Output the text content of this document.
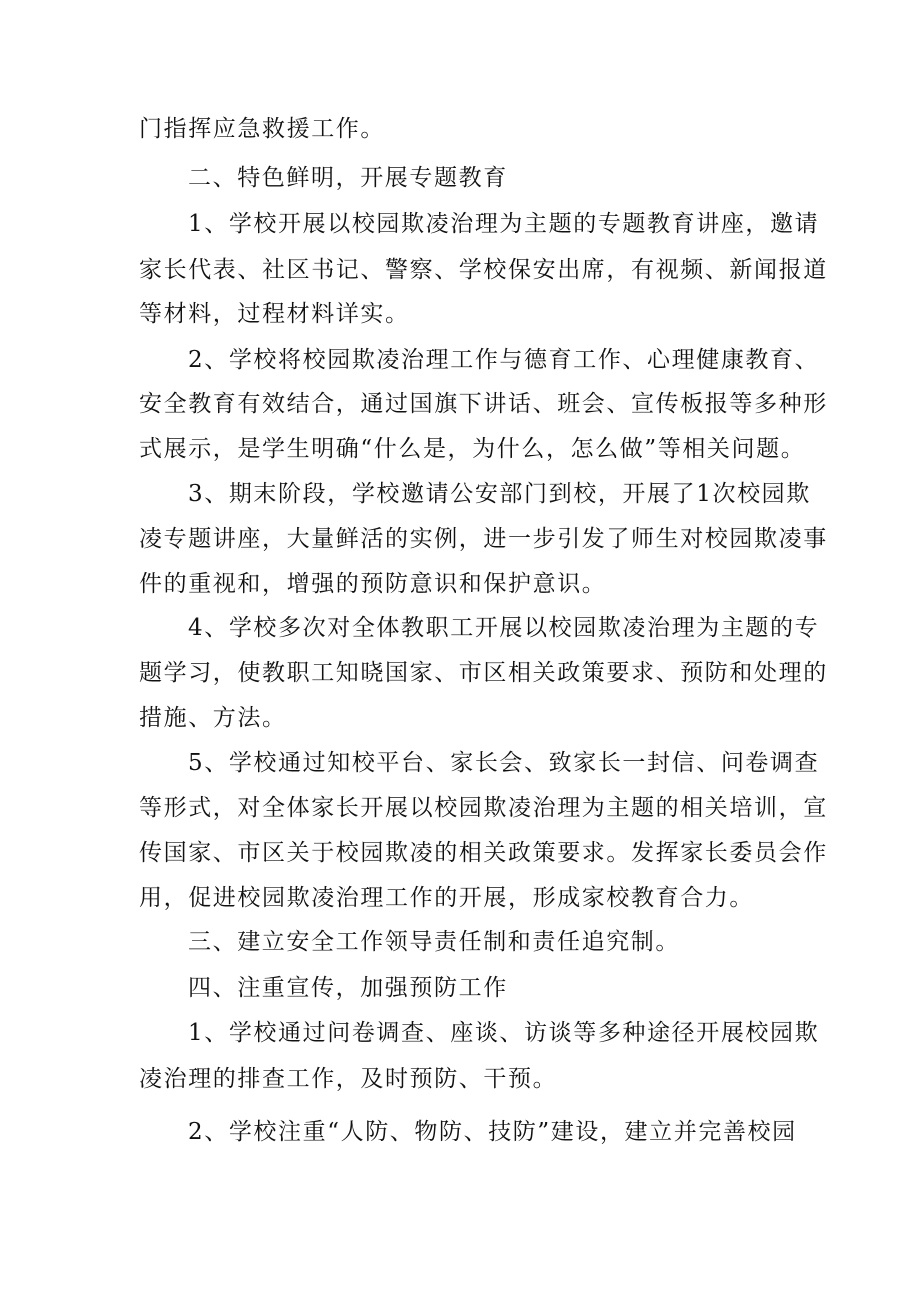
门指挥应急救援工作。
二、特色鲜明，开展专题教育
1、学校开展以校园欺凌治理为主题的专题教育讲座，邀请
家长代表、社区书记、警察、学校保安出席，有视频、新闻报道
等材料，过程材料详实。
2、学校将校园欺凌治理工作与德育工作、心理健康教育、
安全教育有效结合，通过国旗下讲话、班会、宣传板报等多种形
式展示，是学生明确“什么是，为什么，怎么做”等相关问题。
3、期末阶段，学校邀请公安部门到校，开展了1次校园欺
凌专题讲座，大量鲜活的实例，进一步引发了师生对校园欺凌事
件的重视和，增强的预防意识和保护意识。
4、学校多次对全体教职工开展以校园欺凌治理为主题的专
题学习，使教职工知晓国家、市区相关政策要求、预防和处理的
措施、方法。
5、学校通过知校平台、家长会、致家长一封信、问卷调查
等形式，对全体家长开展以校园欺凌治理为主题的相关培训，宣
传国家、市区关于校园欺凌的相关政策要求。发挥家长委员会作
用，促进校园欺凌治理工作的开展，形成家校教育合力。
三、建立安全工作领导责任制和责任追究制。
四、注重宣传，加强预防工作
1、学校通过问卷调查、座谈、访谈等多种途径开展校园欺
凌治理的排查工作，及时预防、干预。
2、学校注重“人防、物防、技防”建设，建立并完善校园
